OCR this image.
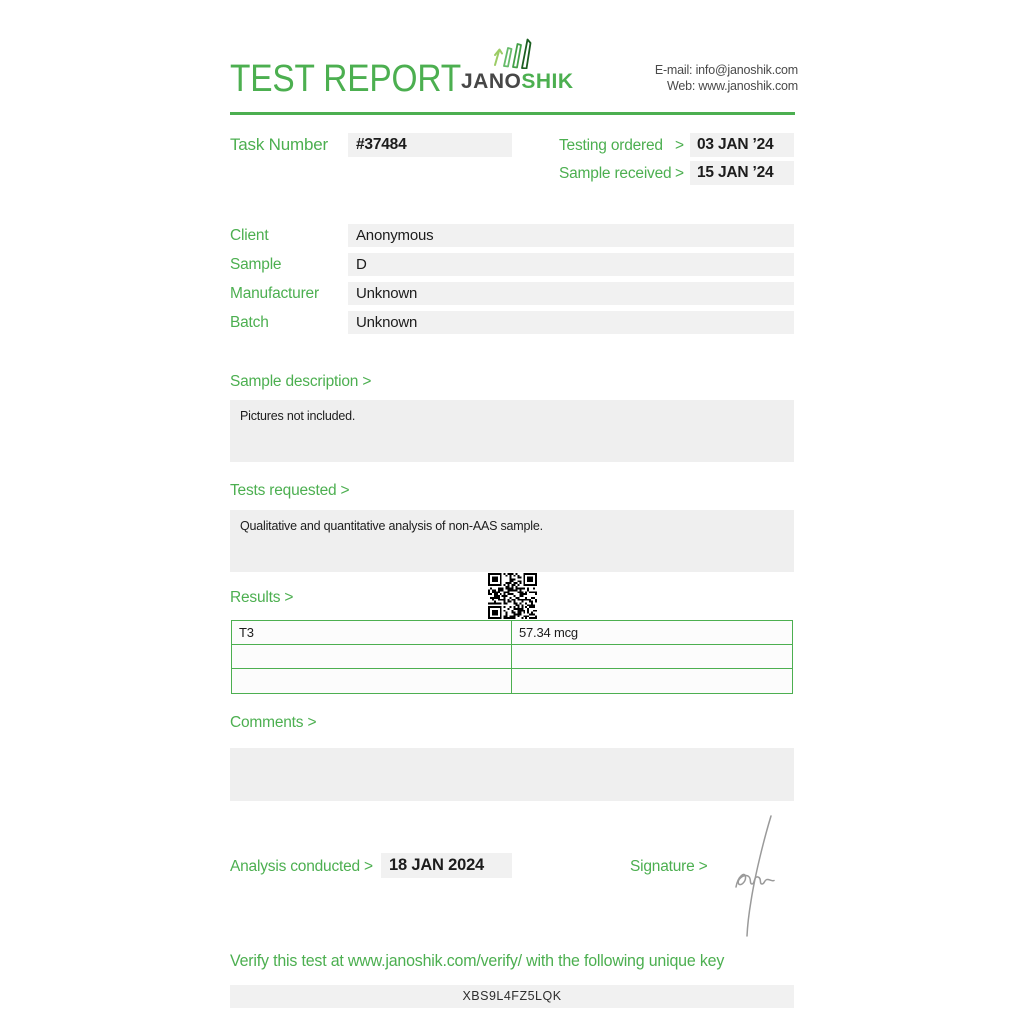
TEST REPORT JANOSHIK	E-mail: info@janoshik.com
Web: www.janoshik.com
Task Number	#37484	Testing ordered > 03 JAN ’24
Sample received > 15 JAN ’24
Client	Anonymous
Sample	D
Manufacturer	Unknown
Batch	Unknown
Sample description >
Pictures not included.
Tests requested >
Qualitative and quantitative analysis of non-AAS sample.
Results >
T3	57.34 mcg
Comments >
Analysis conducted > 18 JAN 2024	Signature >
Verify this test at www.janoshik.com/verify/ with the following unique key
XBS9L4FZ5LQK
